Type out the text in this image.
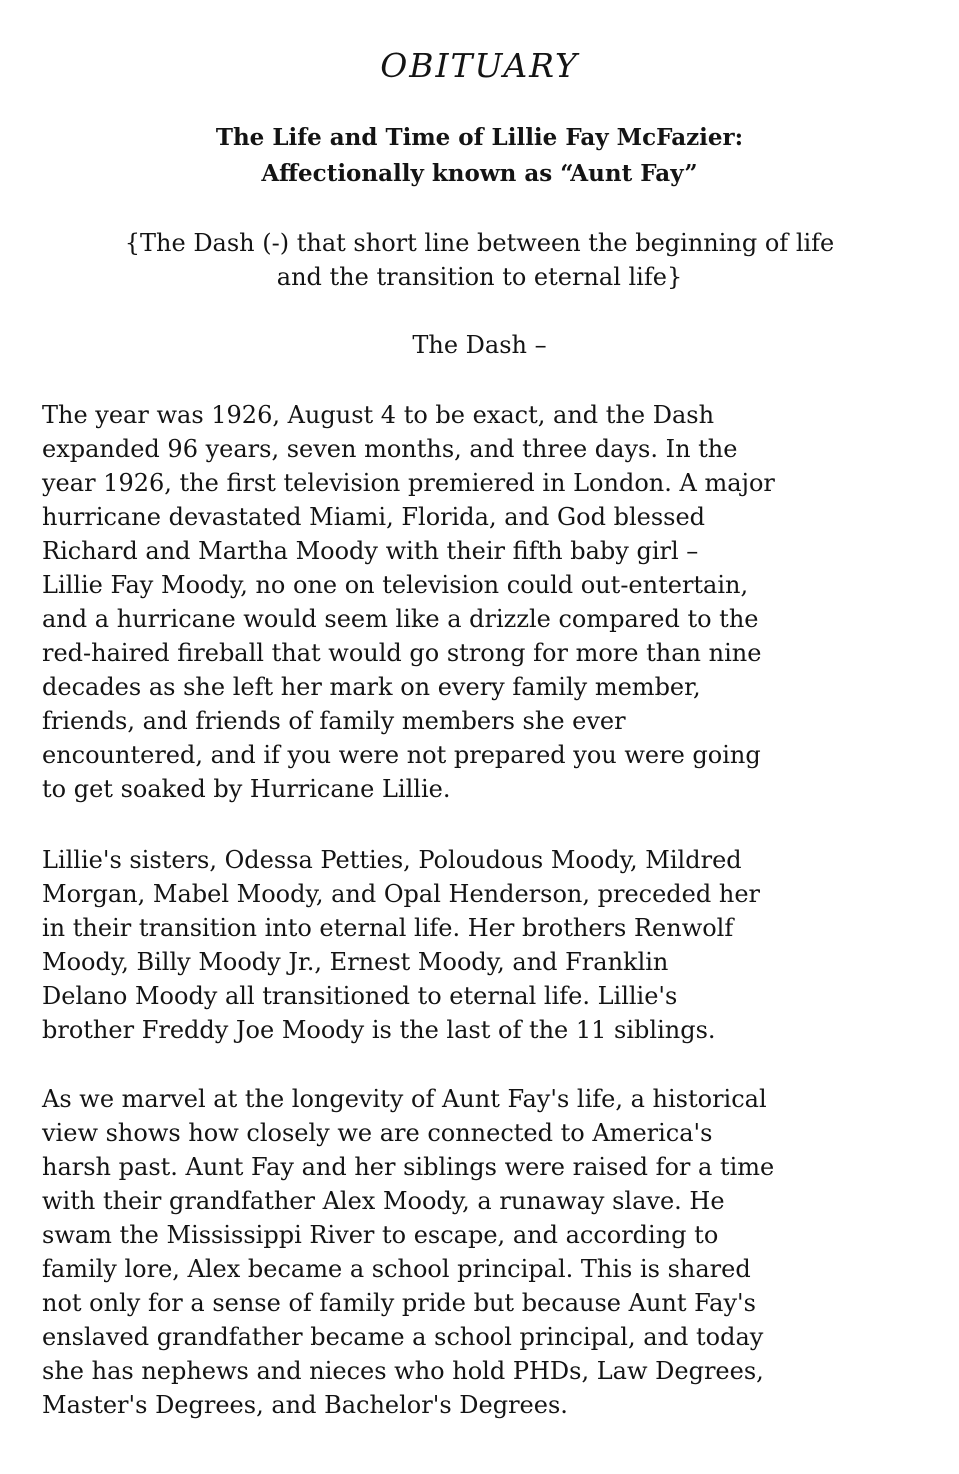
OBITUARY
The Life and Time of Lillie Fay McFazier:
Affectionally known as “Aunt Fay”

{The Dash (-) that short line between the beginning of life
and the transition to eternal life}

The Dash –

The year was 1926, August 4 to be exact, and the Dash
expanded 96 years, seven months, and three days. In the
year 1926, the first television premiered in London. A major
hurricane devastated Miami, Florida, and God blessed
Richard and Martha Moody with their fifth baby girl –
Lillie Fay Moody, no one on television could out-entertain,
and a hurricane would seem like a drizzle compared to the
red-haired fireball that would go strong for more than nine
decades as she left her mark on every family member,
friends, and friends of family members she ever
encountered, and if you were not prepared you were going
to get soaked by Hurricane Lillie.

Lillie's sisters, Odessa Petties, Poloudous Moody, Mildred
Morgan, Mabel Moody, and Opal Henderson, preceded her
in their transition into eternal life. Her brothers Renwolf
Moody, Billy Moody Jr., Ernest Moody, and Franklin
Delano Moody all transitioned to eternal life. Lillie's
brother Freddy Joe Moody is the last of the 11 siblings.

As we marvel at the longevity of Aunt Fay's life, a historical
view shows how closely we are connected to America's
harsh past. Aunt Fay and her siblings were raised for a time
with their grandfather Alex Moody, a runaway slave. He
swam the Mississippi River to escape, and according to
family lore, Alex became a school principal. This is shared
not only for a sense of family pride but because Aunt Fay's
enslaved grandfather became a school principal, and today
she has nephews and nieces who hold PHDs, Law Degrees,
Master's Degrees, and Bachelor's Degrees.
